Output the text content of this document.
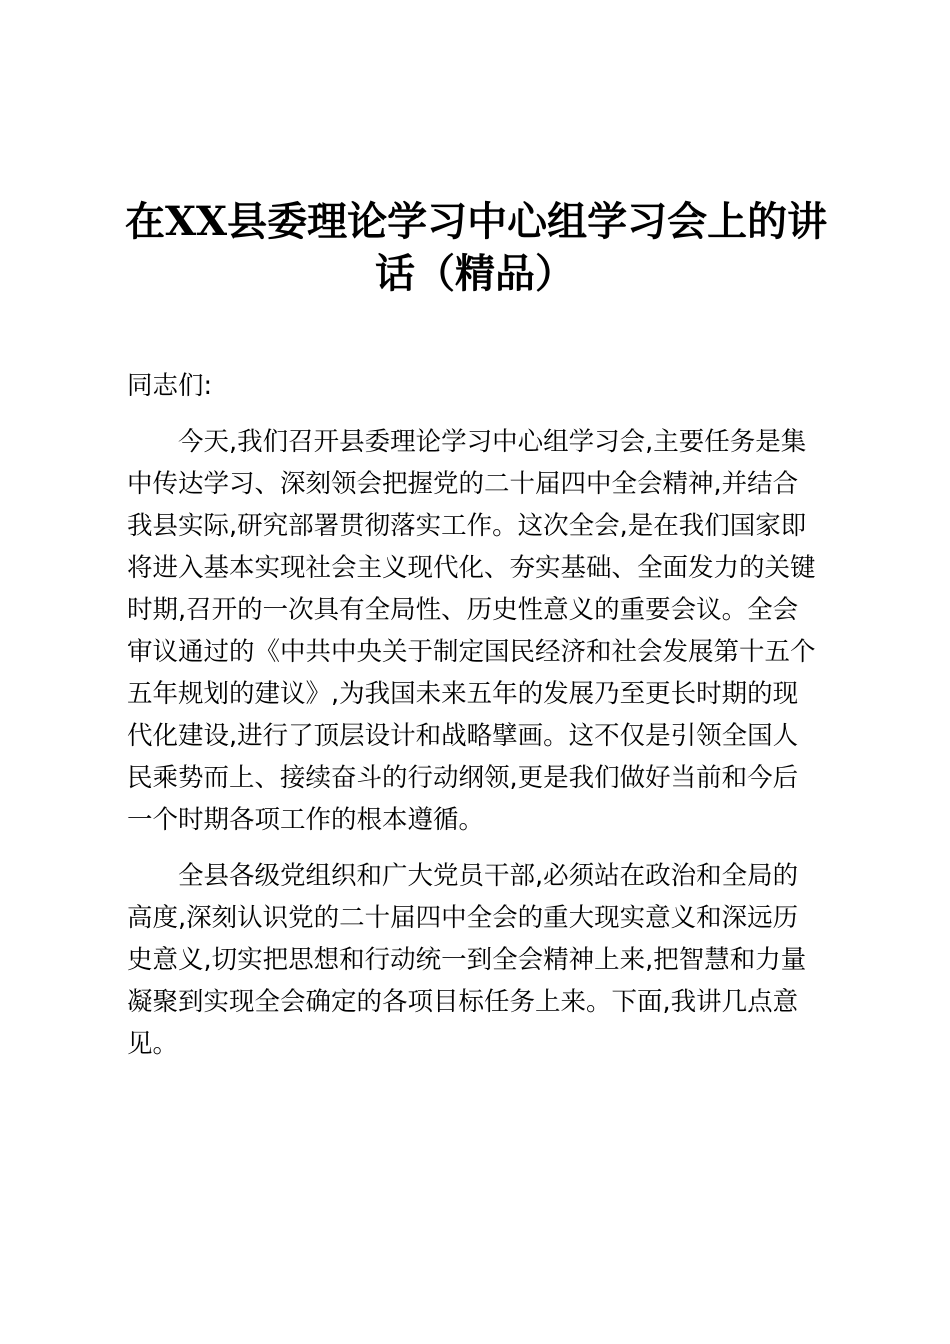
在XX县委理论学习中心组学习会上的讲
话（精品）

同志们:

今天,我们召开县委理论学习中心组学习会,主要任务是集
中传达学习、深刻领会把握党的二十届四中全会精神,并结合
我县实际,研究部署贯彻落实工作。这次全会,是在我们国家即
将进入基本实现社会主义现代化、夯实基础、全面发力的关键
时期,召开的一次具有全局性、历史性意义的重要会议。全会
审议通过的《中共中央关于制定国民经济和社会发展第十五个
五年规划的建议》,为我国未来五年的发展乃至更长时期的现
代化建设,进行了顶层设计和战略擘画。这不仅是引领全国人
民乘势而上、接续奋斗的行动纲领,更是我们做好当前和今后
一个时期各项工作的根本遵循。

全县各级党组织和广大党员干部,必须站在政治和全局的
高度,深刻认识党的二十届四中全会的重大现实意义和深远历
史意义,切实把思想和行动统一到全会精神上来,把智慧和力量
凝聚到实现全会确定的各项目标任务上来。下面,我讲几点意
见。
